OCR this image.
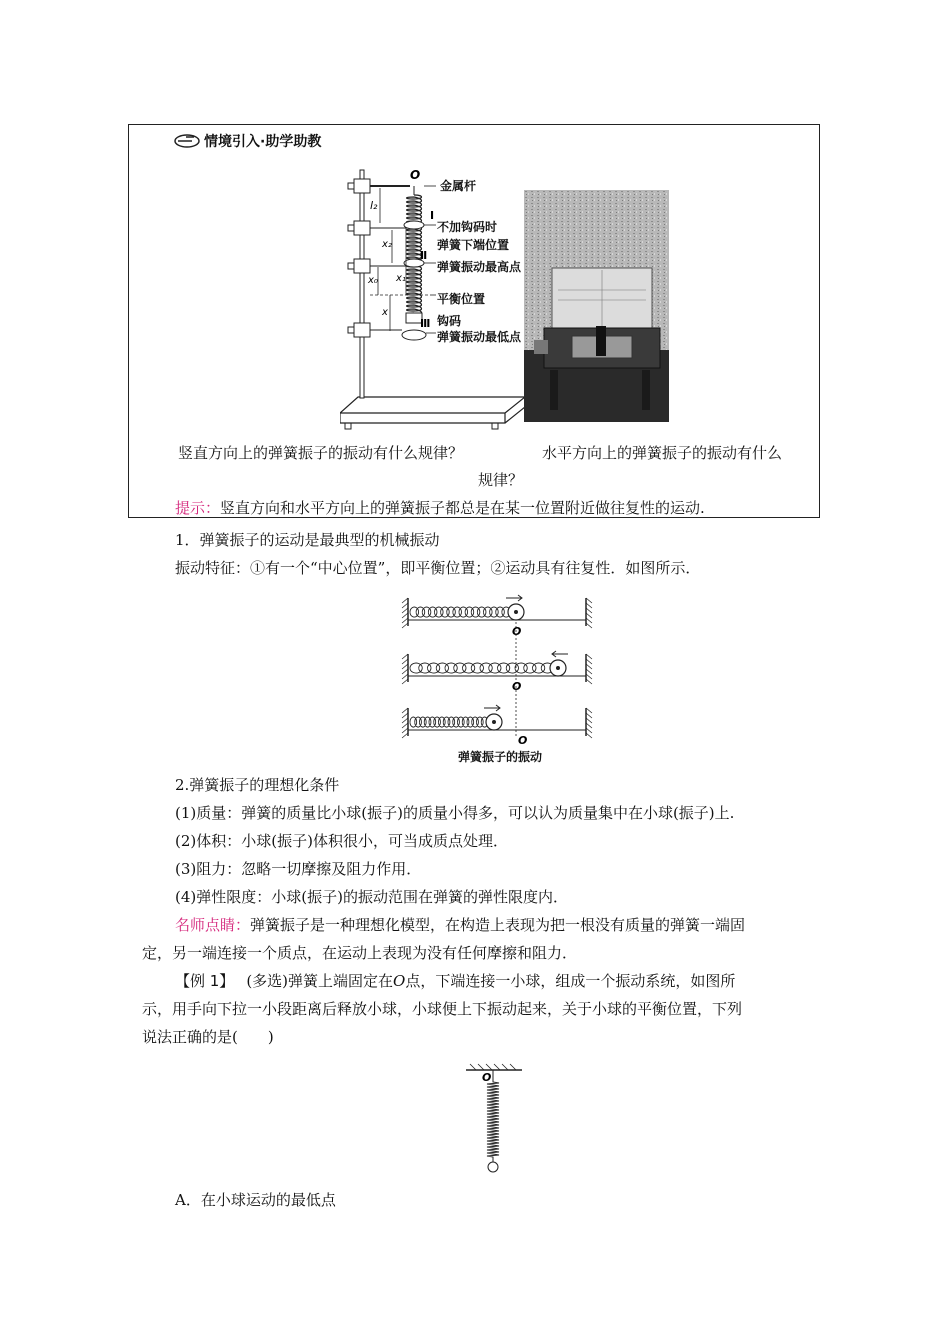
情境引入·助学助教
O
l₂
x₂
x₁
x₀
x
Ⅰ
Ⅱ
Ⅲ
金属杆
不加钩码时
弹簧下端位置
弹簧振动最高点
平衡位置
钩码
弹簧振动最低点
竖直方向上的弹簧振子的振动有什么规律？	水平方向上的弹簧振子的振动有什么
规律？
提示：竖直方向和水平方向上的弹簧振子都总是在某一位置附近做往复性的运动.
1．弹簧振子的运动是最典型的机械振动
振动特征：①有一个“中心位置”，即平衡位置；②运动具有往复性．如图所示．
O
O
O
弹簧振子的振动
2.弹簧振子的理想化条件
(1)质量：弹簧的质量比小球(振子)的质量小得多，可以认为质量集中在小球(振子)上.
(2)体积：小球(振子)体积很小，可当成质点处理．
(3)阻力：忽略一切摩擦及阻力作用．
(4)弹性限度：小球(振子)的振动范围在弹簧的弹性限度内．
名师点睛：弹簧振子是一种理想化模型，在构造上表现为把一根没有质量的弹簧一端固
定，另一端连接一个质点，在运动上表现为没有任何摩擦和阻力．
【例 1】 (多选)弹簧上端固定在O点，下端连接一小球，组成一个振动系统，如图所
示，用手向下拉一小段距离后释放小球，小球便上下振动起来，关于小球的平衡位置，下列
说法正确的是(　　)
O
A．在小球运动的最低点
